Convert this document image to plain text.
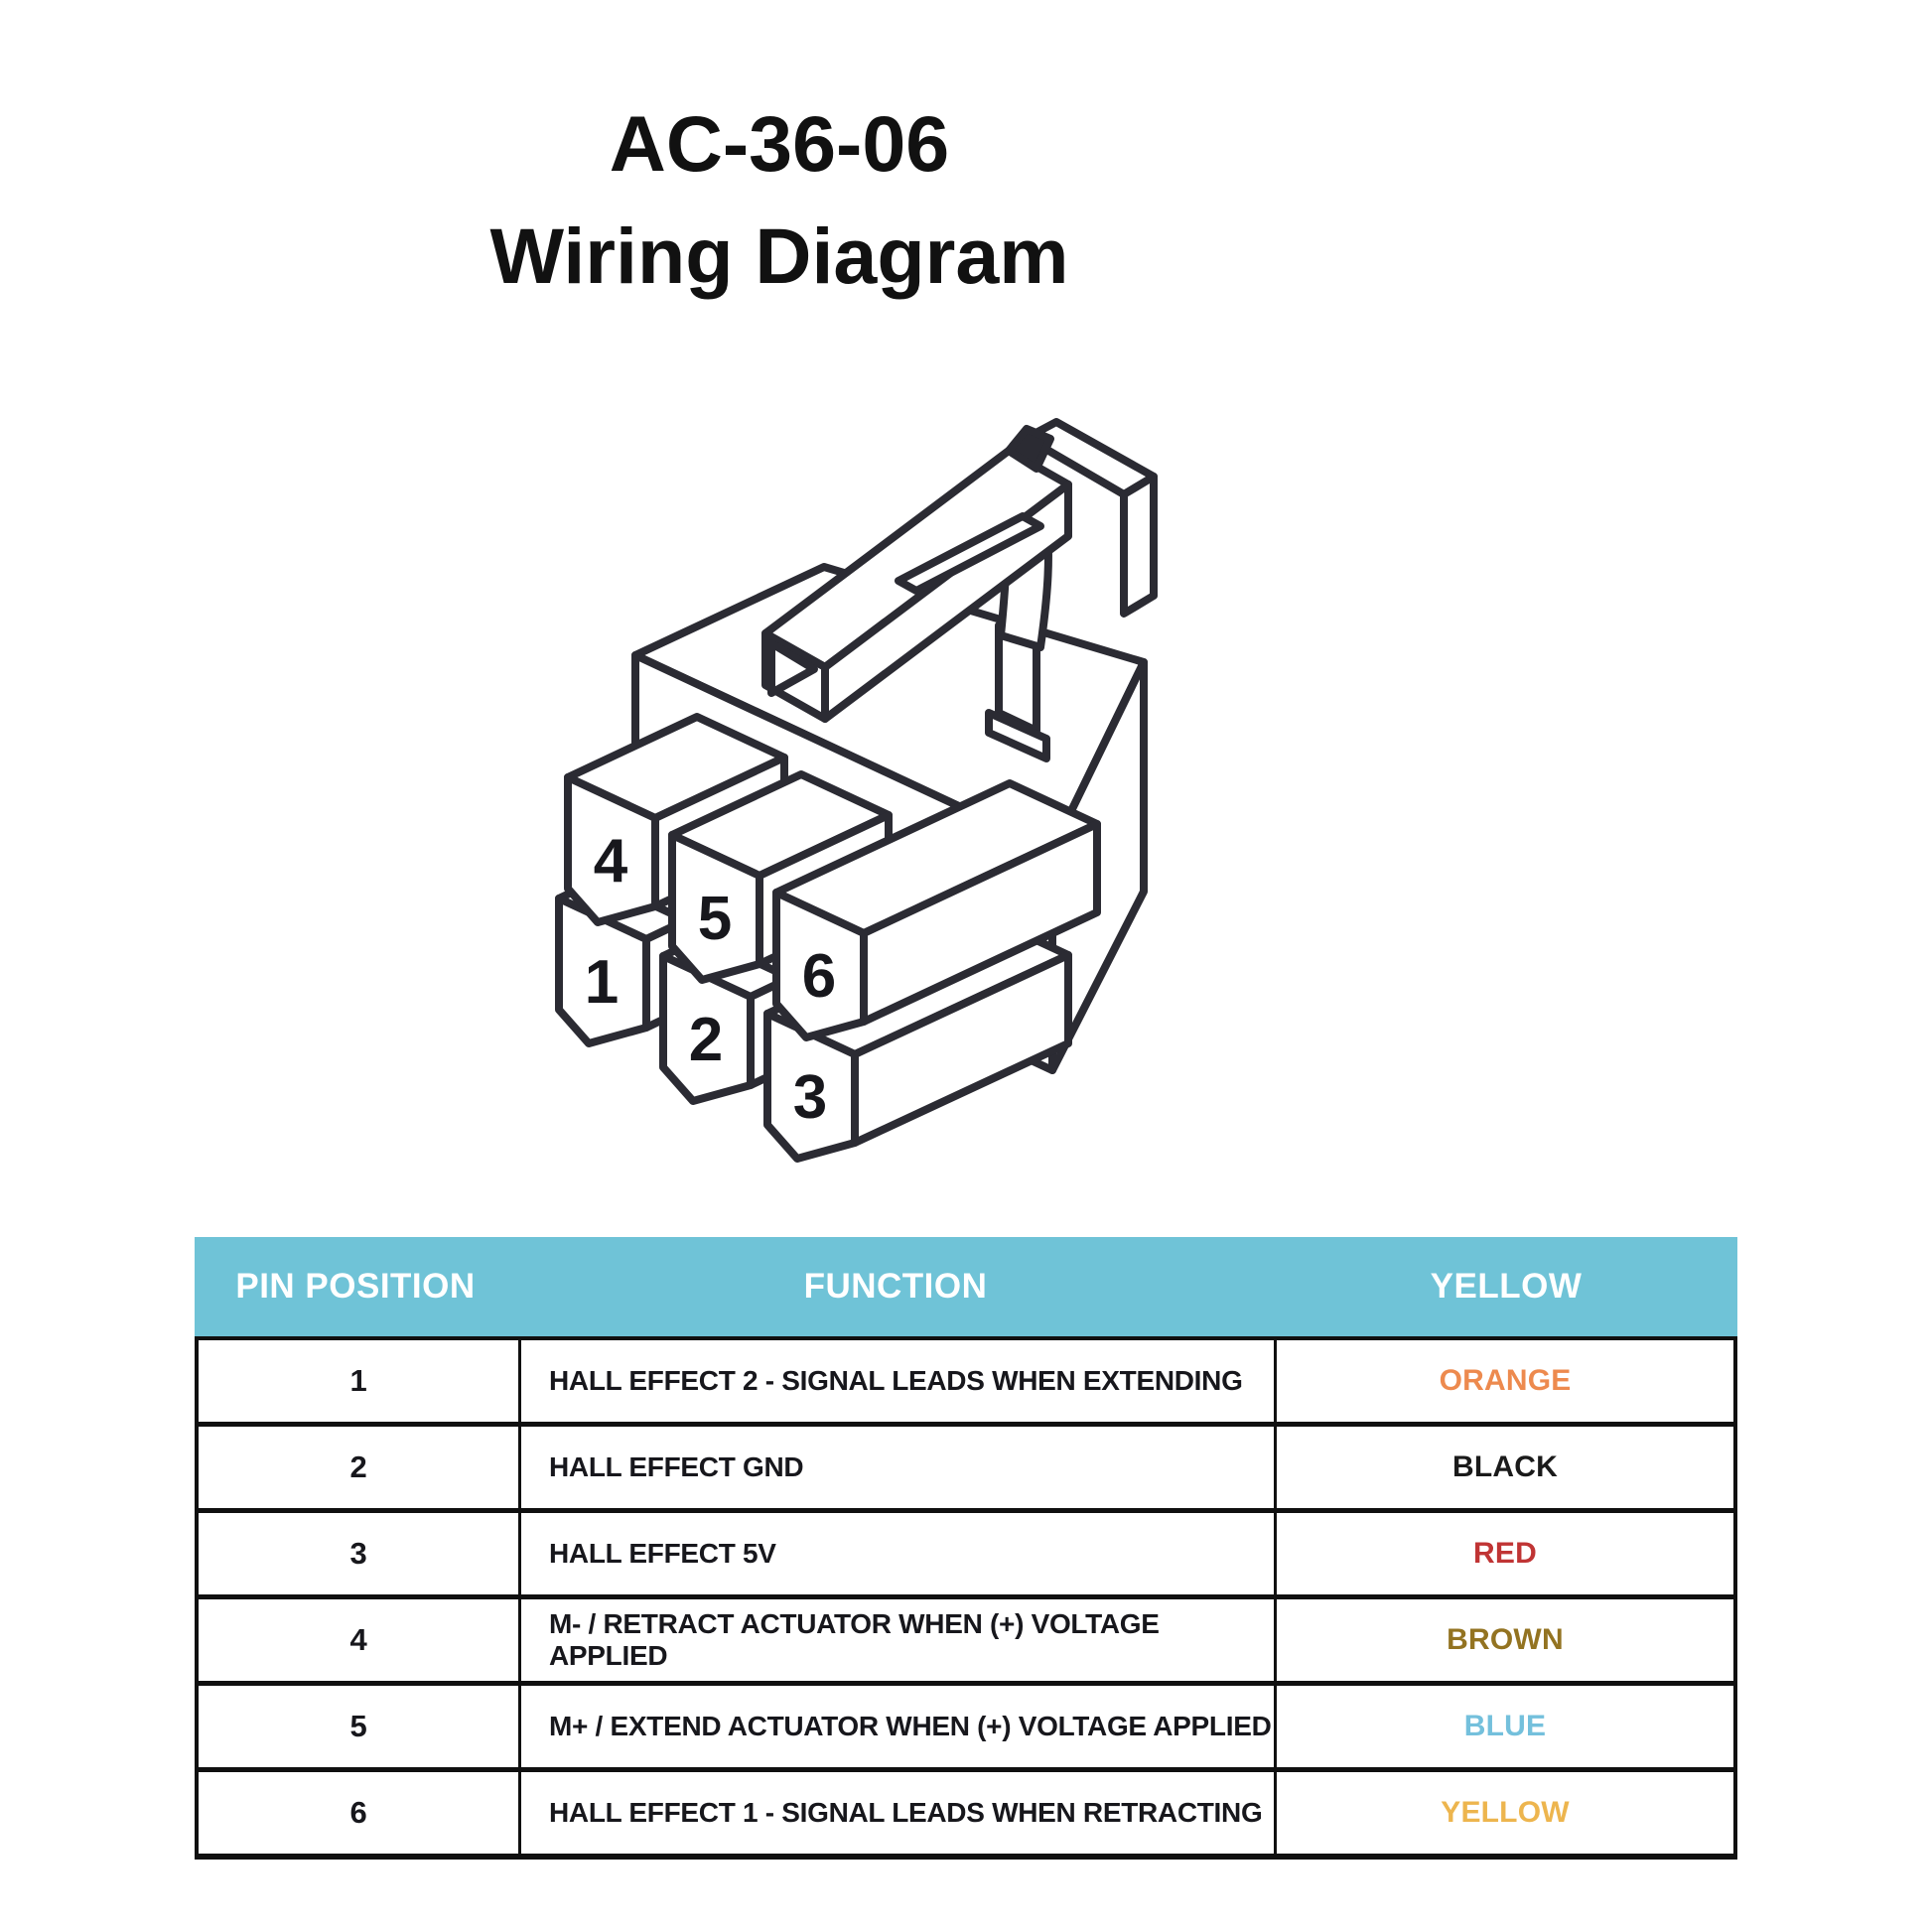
AC-36-06
Wiring Diagram
1
2
3
4
5
6
PIN POSITION	FUNCTION	YELLOW
1	HALL EFFECT 2 - SIGNAL LEADS WHEN EXTENDING	ORANGE
2	HALL EFFECT GND	BLACK
3	HALL EFFECT 5V	RED
4	M- / RETRACT ACTUATOR WHEN (+) VOLTAGE APPLIED	BROWN
5	M+ / EXTEND ACTUATOR WHEN (+) VOLTAGE APPLIED	BLUE
6	HALL EFFECT 1 - SIGNAL LEADS WHEN RETRACTING	YELLOW
